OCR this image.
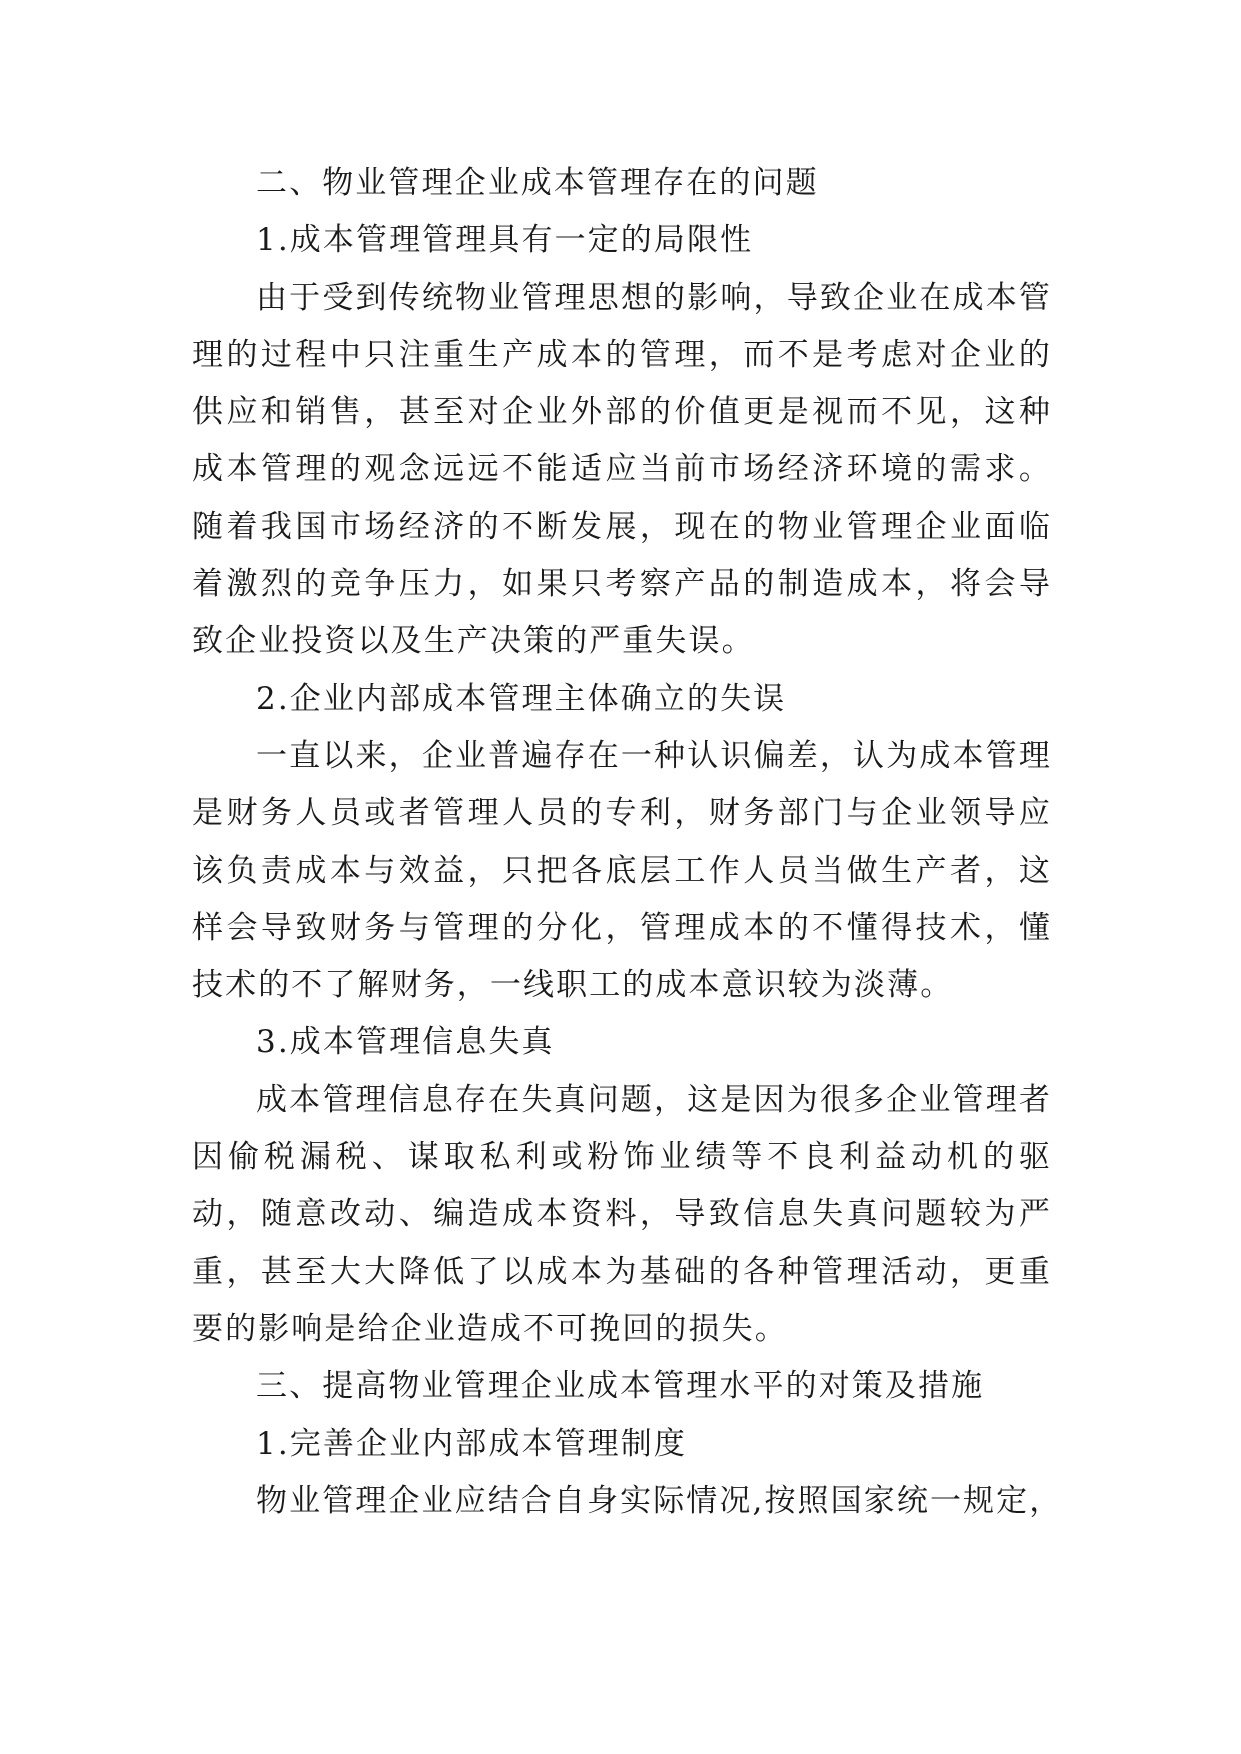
二、物业管理企业成本管理存在的问题

1.成本管理管理具有一定的局限性

由于受到传统物业管理思想的影响，导致企业在成本管理的过程中只注重生产成本的管理，而不是考虑对企业的供应和销售，甚至对企业外部的价值更是视而不见，这种成本管理的观念远远不能适应当前市场经济环境的需求。随着我国市场经济的不断发展，现在的物业管理企业面临着激烈的竞争压力，如果只考察产品的制造成本，将会导致企业投资以及生产决策的严重失误。

2.企业内部成本管理主体确立的失误

一直以来，企业普遍存在一种认识偏差，认为成本管理是财务人员或者管理人员的专利，财务部门与企业领导应该负责成本与效益，只把各底层工作人员当做生产者，这样会导致财务与管理的分化，管理成本的不懂得技术，懂技术的不了解财务，一线职工的成本意识较为淡薄。

3.成本管理信息失真

成本管理信息存在失真问题，这是因为很多企业管理者因偷税漏税、谋取私利或粉饰业绩等不良利益动机的驱动，随意改动、编造成本资料，导致信息失真问题较为严重，甚至大大降低了以成本为基础的各种管理活动，更重要的影响是给企业造成不可挽回的损失。

三、提高物业管理企业成本管理水平的对策及措施

1.完善企业内部成本管理制度

物业管理企业应结合自身实际情况,按照国家统一规定，
